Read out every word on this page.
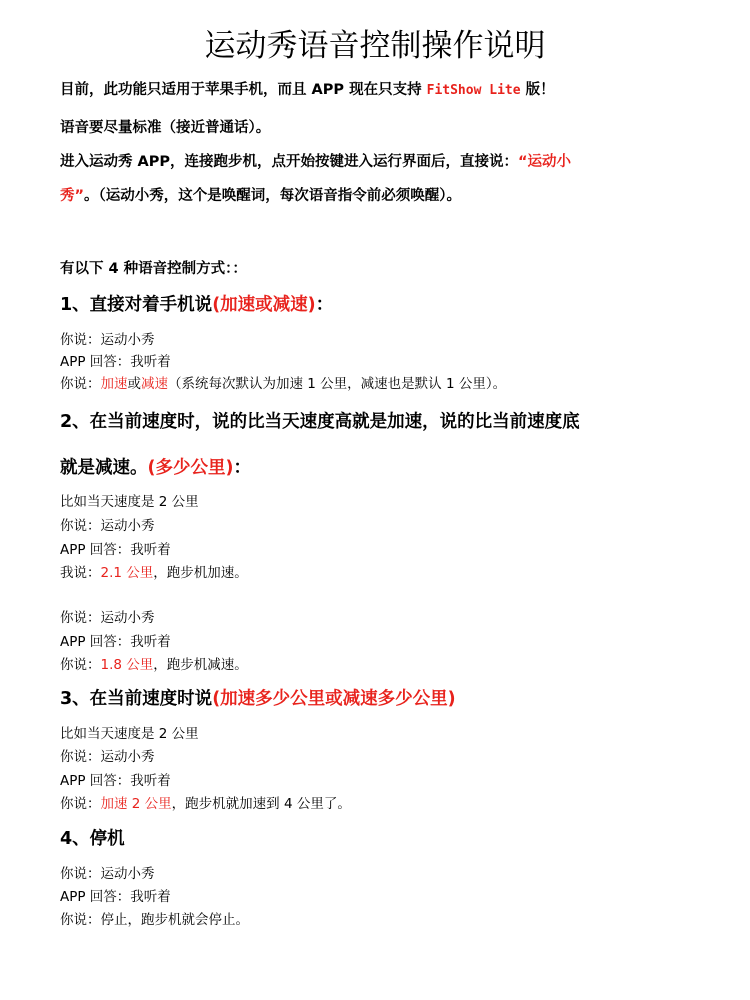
运动秀语音控制操作说明

目前，此功能只适用于苹果手机，而且 APP 现在只支持 FitShow Lite 版！

语音要尽量标准（接近普通话）。

进入运动秀 APP，连接跑步机，点开始按键进入运行界面后，直接说：“运动小

秀”。（运动小秀，这个是唤醒词，每次语音指令前必须唤醒）。

有以下 4 种语音控制方式：：

1、直接对着手机说(加速或减速)：

你说：运动小秀

APP 回答：我听着

你说：加速或减速（系统每次默认为加速 1 公里，减速也是默认 1 公里）。

2、在当前速度时，说的比当天速度高就是加速，说的比当前速度底
就是减速。(多少公里)：

比如当天速度是 2 公里

你说：运动小秀

APP 回答：我听着

我说：2.1 公里，跑步机加速。

你说：运动小秀

APP 回答：我听着

你说：1.8 公里，跑步机减速。

3、在当前速度时说(加速多少公里或减速多少公里)

比如当天速度是 2 公里

你说：运动小秀

APP 回答：我听着

你说：加速 2 公里，跑步机就加速到 4 公里了。

4、停机

你说：运动小秀

APP 回答：我听着

你说：停止，跑步机就会停止。
